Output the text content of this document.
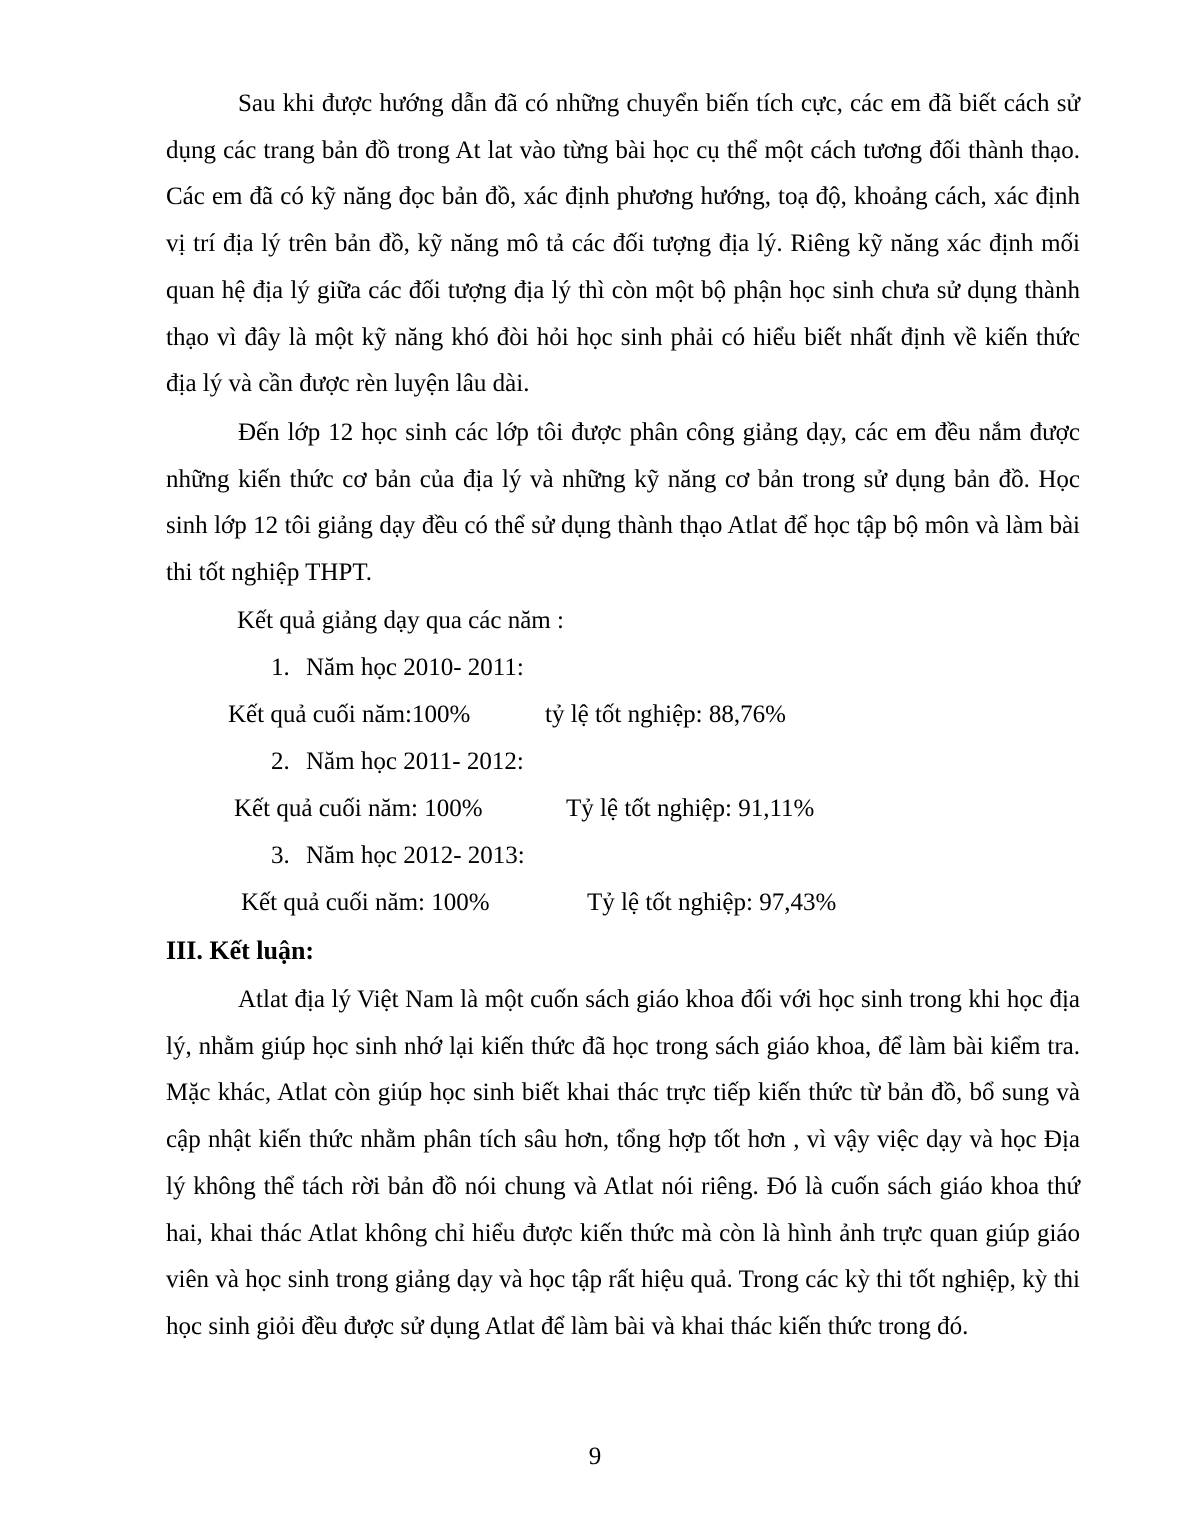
Sau khi được hướng dẫn đã có những chuyển biến tích cực, các em đã biết cách sử dụng các trang bản đồ trong At lat vào từng bài học cụ thể một cách tương đối thành thạo. Các em đã có kỹ năng đọc bản đồ, xác định phương hướng, toạ độ, khoảng cách, xác định vị trí địa lý trên bản đồ, kỹ năng mô tả các đối tượng địa lý. Riêng kỹ năng xác định mối quan hệ địa lý giữa các đối tượng địa lý thì còn một bộ phận học sinh chưa sử dụng thành thạo vì đây là một kỹ năng khó đòi hỏi học sinh phải có hiểu biết nhất định về kiến thức địa lý và cần được rèn luyện lâu dài.

Đến lớp 12 học sinh các lớp tôi được phân công giảng dạy, các em đều nắm được những kiến thức cơ bản của địa lý và những kỹ năng cơ bản trong sử dụng bản đồ. Học sinh lớp 12 tôi giảng dạy đều có thể sử dụng thành thạo Atlat để học tập bộ môn và làm bài thi tốt nghiệp THPT.

Kết quả giảng dạy qua các năm :

1. Năm học 2010- 2011:

Kết quả cuối năm:100%	tỷ lệ tốt nghiệp: 88,76%

2. Năm học 2011- 2012:

Kết quả cuối năm: 100%	Tỷ lệ tốt nghiệp: 91,11%

3. Năm học 2012- 2013:

Kết quả cuối năm: 100%	Tỷ lệ tốt nghiệp: 97,43%

III. Kết luận:

Atlat địa lý Việt Nam là một cuốn sách giáo khoa đối với học sinh trong khi học địa lý, nhằm giúp học sinh nhớ lại kiến thức đã học trong sách giáo khoa, để làm bài kiểm tra. Mặc khác, Atlat còn giúp học sinh biết khai thác trực tiếp kiến thức từ bản đồ, bổ sung và cập nhật kiến thức nhằm phân tích sâu hơn, tổng hợp tốt hơn , vì vậy việc dạy và học Địa lý không thể tách rời bản đồ nói chung và Atlat nói riêng. Đó là cuốn sách giáo khoa thứ hai, khai thác Atlat không chỉ hiểu được kiến thức mà còn là hình ảnh trực quan giúp giáo viên và học sinh trong giảng dạy và học tập rất hiệu quả. Trong các kỳ thi tốt nghiệp, kỳ thi học sinh giỏi đều được sử dụng Atlat để làm bài và khai thác kiến thức trong đó.

9
